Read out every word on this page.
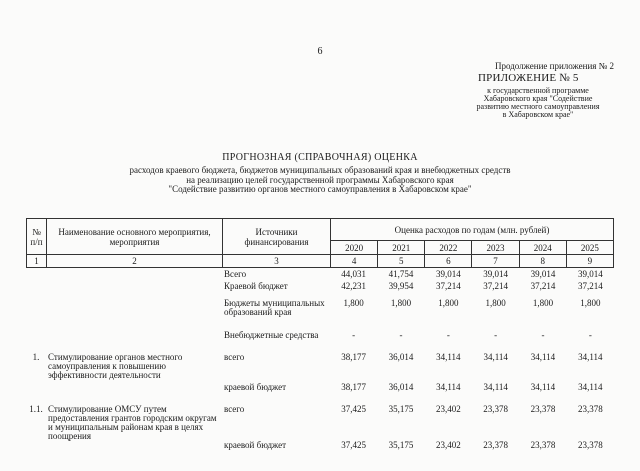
6
Продолжение приложения № 2
ПРИЛОЖЕНИЕ № 5
к государственной программе
Хабаровского края "Содействие
развитию местного самоуправления
в Хабаровском крае"
ПРОГНОЗНАЯ (СПРАВОЧНАЯ) ОЦЕНКА
расходов краевого бюджета, бюджетов муниципальных образований края и внебюджетных средств
на реализацию целей государственной программы Хабаровского края
"Содействие развитию органов местного самоуправления в Хабаровском крае"
№ п/п	Наименование основного мероприятия, мероприятия	Источники финансирования	Оценка расходов по годам (млн. рублей)					
			2020	2021	2022	2023	2024	2025
1	2	3	4	5	6	7	8	9
		Всего	44,031	41,754	39,014	39,014	39,014	39,014
		Краевой бюджет	42,231	39,954	37,214	37,214	37,214	37,214
		Бюджеты муниципальных образований края	1,800	1,800	1,800	1,800	1,800	1,800
		Внебюджетные средства	-	-	-	-	-	-
1.	Стимулирование органов местного самоуправления к повышению эффективности деятельности	всего	38,177	36,014	34,114	34,114	34,114	34,114
		краевой бюджет	38,177	36,014	34,114	34,114	34,114	34,114
1.1.	Стимулирование ОМСУ путем предоставления грантов городским округам и муниципальным районам края в целях поощрения	всего	37,425	35,175	23,402	23,378	23,378	23,378
		краевой бюджет	37,425	35,175	23,402	23,378	23,378	23,378
